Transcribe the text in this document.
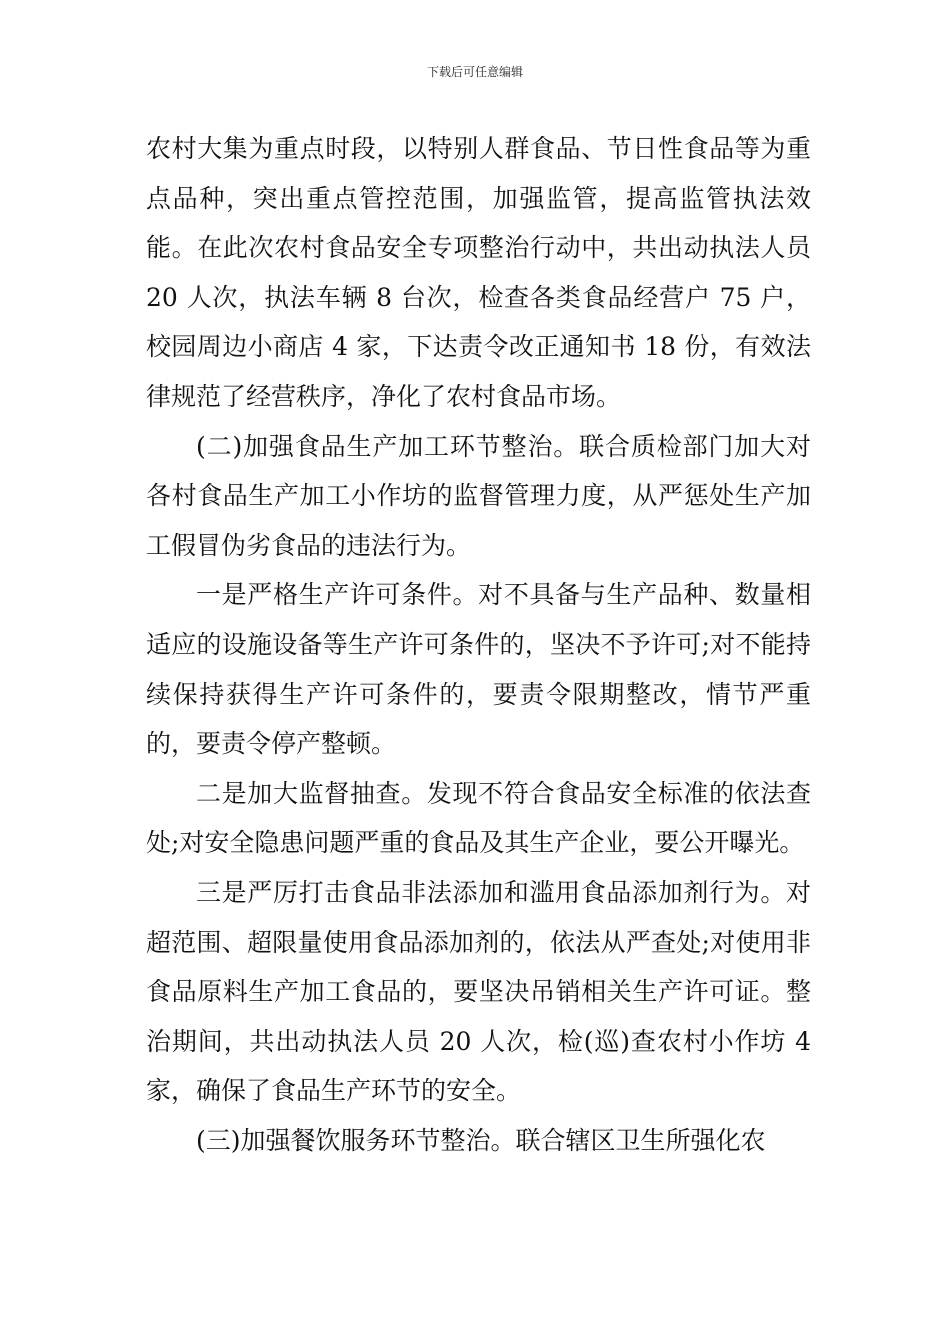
下载后可任意编辑

农村大集为重点时段，以特别人群食品、节日性食品等为重点品种，突出重点管控范围，加强监管，提高监管执法效能。在此次农村食品安全专项整治行动中，共出动执法人员 20 人次，执法车辆 8 台次，检查各类食品经营户 75 户，校园周边小商店 4 家，下达责令改正通知书 18 份，有效法律规范了经营秩序，净化了农村食品市场。

(二)加强食品生产加工环节整治。联合质检部门加大对各村食品生产加工小作坊的监督管理力度，从严惩处生产加工假冒伪劣食品的违法行为。

一是严格生产许可条件。对不具备与生产品种、数量相适应的设施设备等生产许可条件的，坚决不予许可;对不能持续保持获得生产许可条件的，要责令限期整改，情节严重的，要责令停产整顿。

二是加大监督抽查。发现不符合食品安全标准的依法查处;对安全隐患问题严重的食品及其生产企业，要公开曝光。

三是严厉打击食品非法添加和滥用食品添加剂行为。对超范围、超限量使用食品添加剂的，依法从严查处;对使用非食品原料生产加工食品的，要坚决吊销相关生产许可证。整治期间，共出动执法人员 20 人次，检(巡)查农村小作坊 4 家，确保了食品生产环节的安全。

(三)加强餐饮服务环节整治。联合辖区卫生所强化农
